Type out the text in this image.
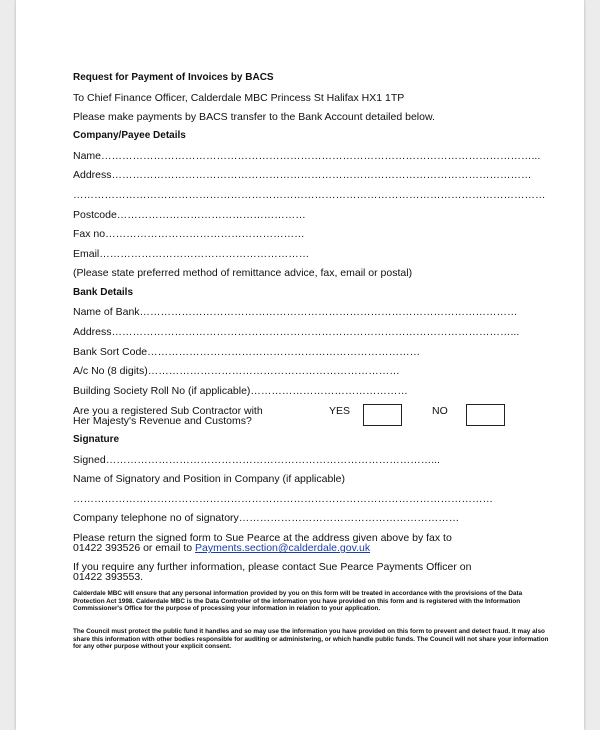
Request for Payment of Invoices by BACS
To Chief Finance Officer, Calderdale MBC Princess St Halifax HX1 1TP
Please make payments by BACS transfer to the Bank Account detailed below.
Company/Payee Details
Name……………………………………………………………………………………………………………...
Address…………………………………………………………………………………………………………
………………………………………………………………………………………………………………………
Postcode………………………………………………
Fax no…………………………………………………
Email……………………………………………………
(Please state preferred method of remittance advice, fax, email or postal)
Bank Details
Name of Bank………………………………………………………………………………………………
Address……………………………………………………………………………………………………...
Bank Sort Code……………………………………………………………………
A/c No (8 digits)………………………………………………………………
Building Society Roll No (if applicable)………………………………………
Are you a registered Sub Contractor with
Her Majesty's Revenue and Customs?
YES	NO
Signature
Signed…………………………………………………………………………………...
Name of Signatory and Position in Company (if applicable)
…………………………………………………………………………………………………………
Company telephone no of signatory………………………………………………………
Please return the signed form to Sue Pearce at the address given above by fax to
01422 393526 or email to Payments.section@calderdale.gov.uk
If you require any further information, please contact Sue Pearce Payments Officer on
01422 393553.
Calderdale MBC will ensure that any personal information provided by you on this form will be treated in accordance with the provisions of the Data Protection Act 1998. Calderdale MBC is the Data Controller of the information you have provided on this form and is registered with the Information Commissioner's Office for the purpose of processing your information in relation to your application.
The Council must protect the public fund it handles and so may use the information you have provided on this form to prevent and detect fraud. It may also share this information with other bodies responsible for auditing or administering, or which handle public funds. The Council will not share your information for any other purpose without your explicit consent.
